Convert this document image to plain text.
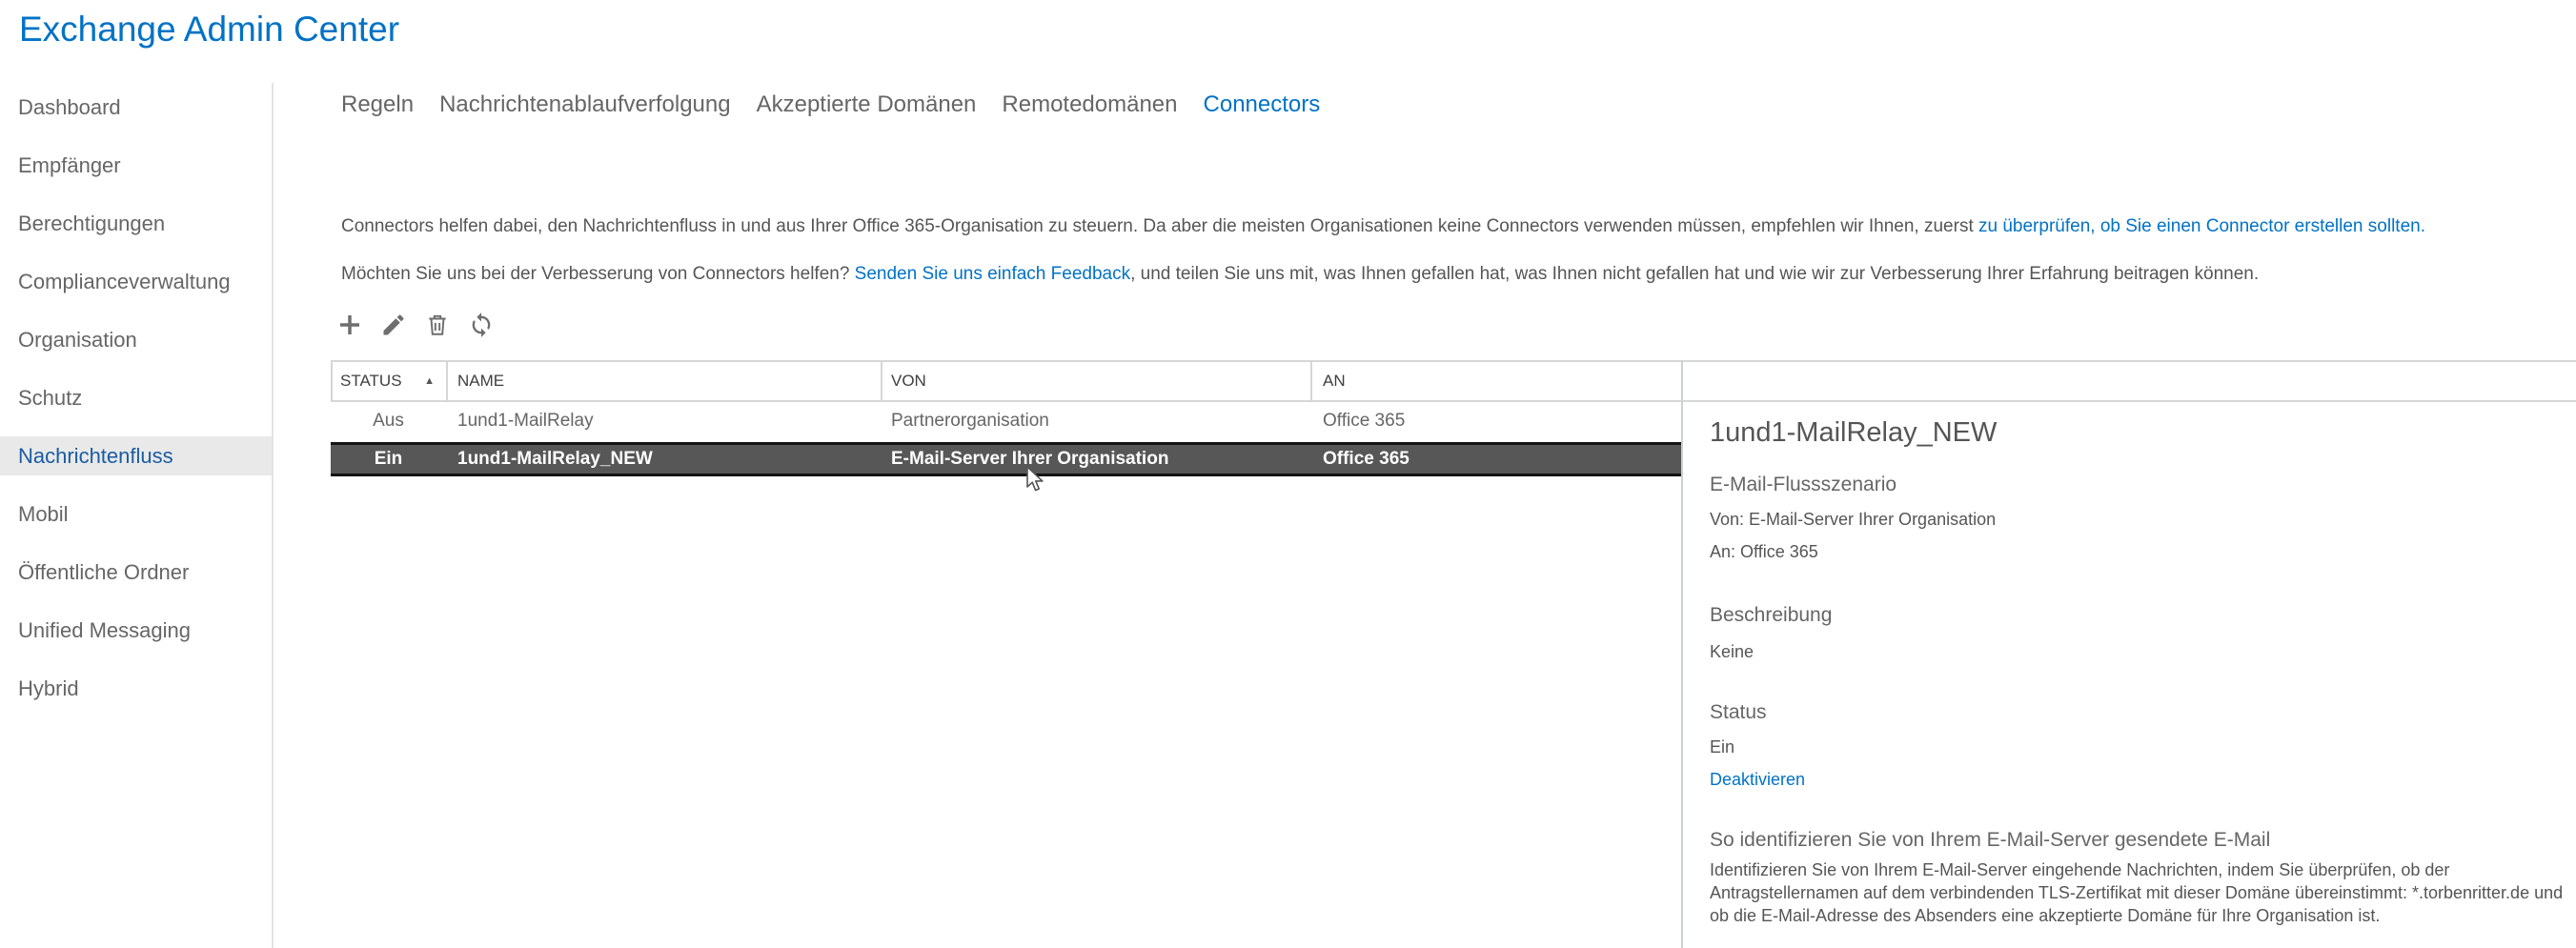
Exchange Admin Center
Dashboard
Empfänger
Berechtigungen
Complianceverwaltung
Organisation
Schutz
Nachrichtenfluss
Mobil
Öffentliche Ordner
Unified Messaging
Hybrid
Regeln Nachrichtenablaufverfolgung Akzeptierte Domänen Remotedomänen Connectors
Connectors helfen dabei, den Nachrichtenfluss in und aus Ihrer Office 365-Organisation zu steuern. Da aber die meisten Organisationen keine Connectors verwenden müssen, empfehlen wir Ihnen, zuerst zu überprüfen, ob Sie einen Connector erstellen sollten.
Möchten Sie uns bei der Verbesserung von Connectors helfen? Senden Sie uns einfach Feedback, und teilen Sie uns mit, was Ihnen gefallen hat, was Ihnen nicht gefallen hat und wie wir zur Verbesserung Ihrer Erfahrung beitragen können.
STATUS ▲ NAME	VON	AN
Aus	1und1-MailRelay	Partnerorganisation	Office 365
Ein	1und1-MailRelay_NEW	E-Mail-Server Ihrer Organisation	Office 365
1und1-MailRelay_NEW
E-Mail-Flussszenario
Von: E-Mail-Server Ihrer Organisation
An: Office 365
Beschreibung
Keine
Status
Ein
Deaktivieren
So identifizieren Sie von Ihrem E-Mail-Server gesendete E-Mail
Identifizieren Sie von Ihrem E-Mail-Server eingehende Nachrichten, indem Sie überprüfen, ob der Antragstellernamen auf dem verbindenden TLS-Zertifikat mit dieser Domäne übereinstimmt: *.torbenritter.de und ob die E-Mail-Adresse des Absenders eine akzeptierte Domäne für Ihre Organisation ist.
